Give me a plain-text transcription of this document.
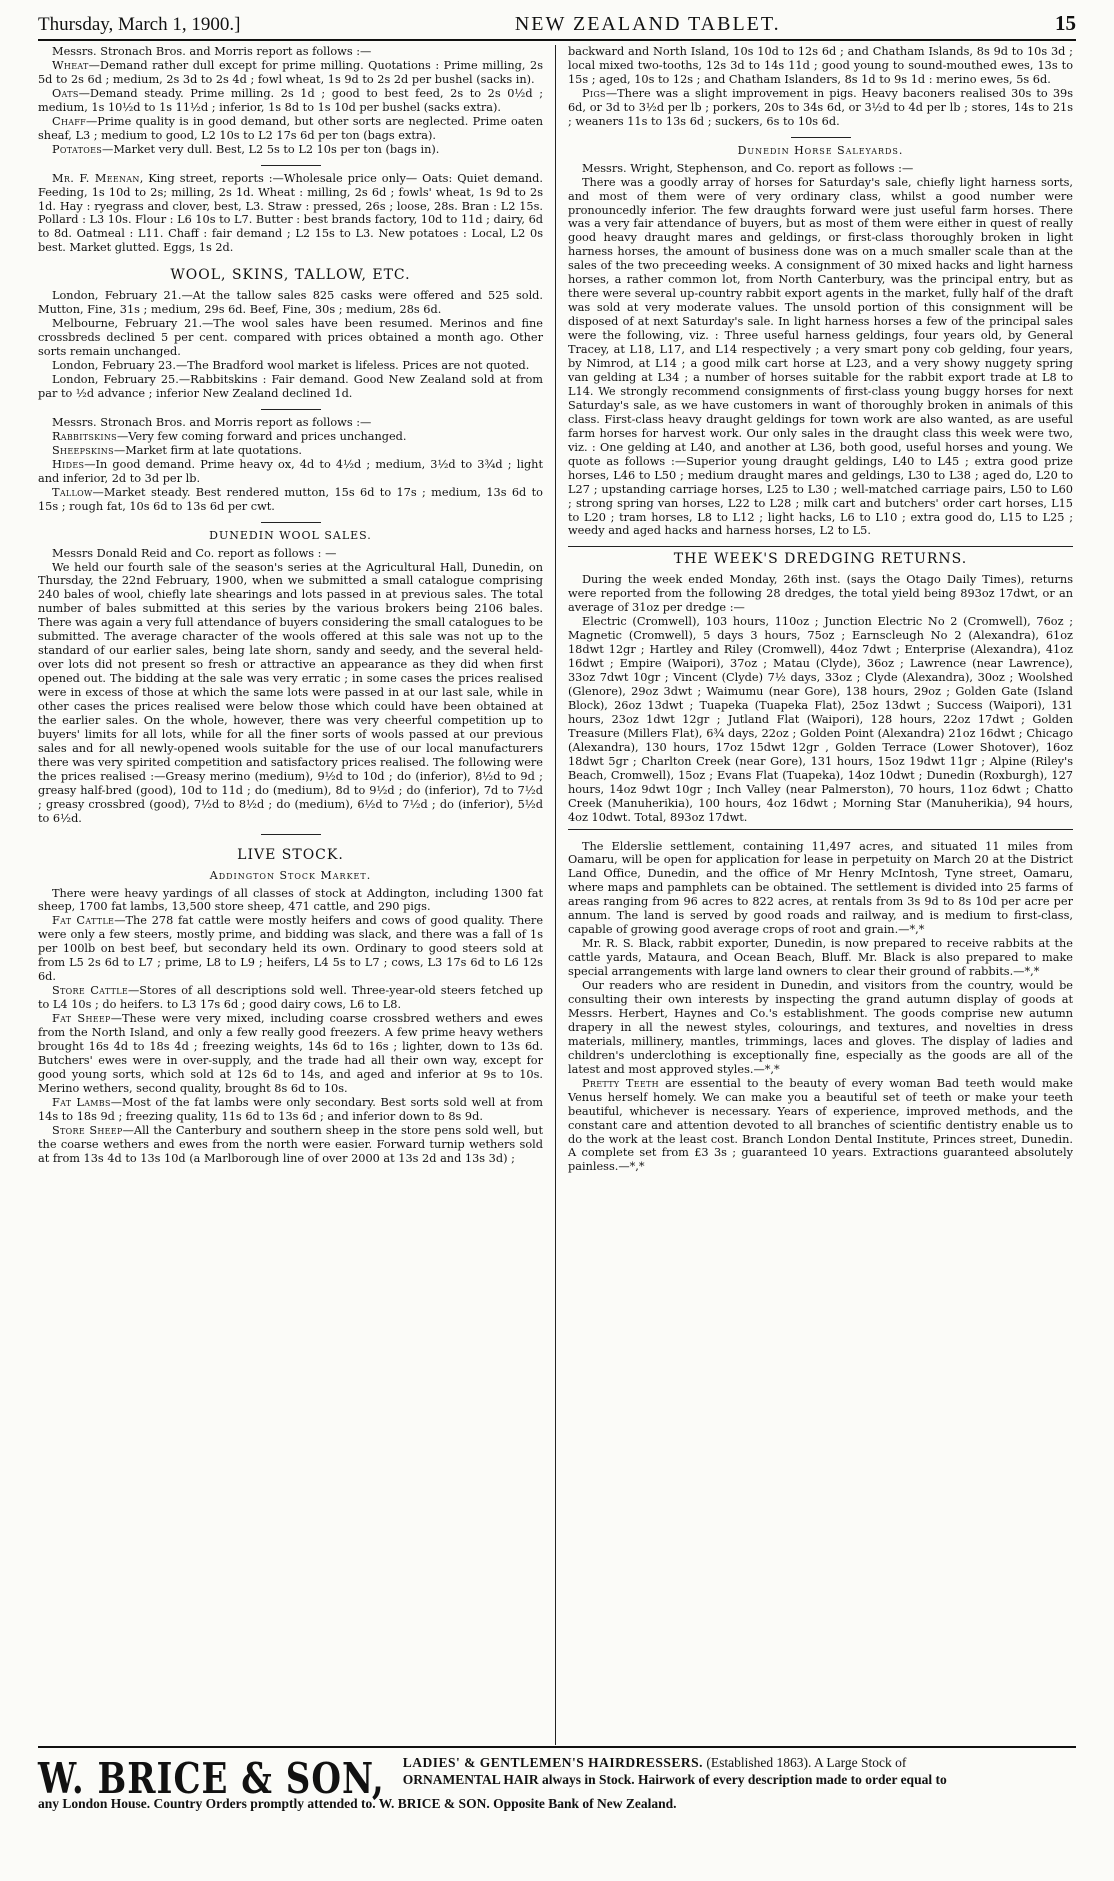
Thursday, March 1, 1900.]	NEW ZEALAND TABLET.	15

Messrs. Stronach Bros. and Morris report as follows :—

Wheat—Demand rather dull except for prime milling. Quotations : Prime milling, 2s 5d to 2s 6d ; medium, 2s 3d to 2s 4d ; fowl wheat, 1s 9d to 2s 2d per bushel (sacks in).

Oats—Demand steady. Prime milling. 2s 1d ; good to best feed, 2s to 2s 0½d ; medium, 1s 10½d to 1s 11½d ; inferior, 1s 8d to 1s 10d per bushel (sacks extra).

Chaff—Prime quality is in good demand, but other sorts are neglected. Prime oaten sheaf, L3 ; medium to good, L2 10s to L2 17s 6d per ton (bags extra).

Potatoes—Market very dull. Best, L2 5s to L2 10s per ton (bags in).

Mr. F. Meenan, King street, reports :—Wholesale price only— Oats: Quiet demand. Feeding, 1s 10d to 2s; milling, 2s 1d. Wheat : milling, 2s 6d ; fowls' wheat, 1s 9d to 2s 1d. Hay : ryegrass and clover, best, L3. Straw : pressed, 26s ; loose, 28s. Bran : L2 15s. Pollard : L3 10s. Flour : L6 10s to L7. Butter : best brands factory, 10d to 11d ; dairy, 6d to 8d. Oatmeal : L11. Chaff : fair demand ; L2 15s to L3. New potatoes : Local, L2 0s best. Market glutted. Eggs, 1s 2d.

WOOL, SKINS, TALLOW, ETC.

London, February 21.—At the tallow sales 825 casks were offered and 525 sold. Mutton, Fine, 31s ; medium, 29s 6d. Beef, Fine, 30s ; medium, 28s 6d.

Melbourne, February 21.—The wool sales have been resumed. Merinos and fine crossbreds declined 5 per cent. compared with prices obtained a month ago. Other sorts remain unchanged.

London, February 23.—The Bradford wool market is lifeless. Prices are not quoted.

London, February 25.—Rabbitskins : Fair demand. Good New Zealand sold at from par to ½d advance ; inferior New Zealand declined 1d.

Messrs. Stronach Bros. and Morris report as follows :—

Rabbitskins—Very few coming forward and prices unchanged.

Sheepskins—Market firm at late quotations.

Hides—In good demand. Prime heavy ox, 4d to 4½d ; medium, 3½d to 3¾d ; light and inferior, 2d to 3d per lb.

Tallow—Market steady. Best rendered mutton, 15s 6d to 17s ; medium, 13s 6d to 15s ; rough fat, 10s 6d to 13s 6d per cwt.

DUNEDIN WOOL SALES.

Messrs Donald Reid and Co. report as follows : —

We held our fourth sale of the season's series at the Agricultural Hall, Dunedin, on Thursday, the 22nd February, 1900, when we submitted a small catalogue comprising 240 bales of wool, chiefly late shearings and lots passed in at previous sales. The total number of bales submitted at this series by the various brokers being 2106 bales. There was again a very full attendance of buyers considering the small catalogues to be submitted. The average character of the wools offered at this sale was not up to the standard of our earlier sales, being late shorn, sandy and seedy, and the several held-over lots did not present so fresh or attractive an appearance as they did when first opened out. The bidding at the sale was very erratic ; in some cases the prices realised were in excess of those at which the same lots were passed in at our last sale, while in other cases the prices realised were below those which could have been obtained at the earlier sales. On the whole, however, there was very cheerful competition up to buyers' limits for all lots, while for all the finer sorts of wools passed at our previous sales and for all newly-opened wools suitable for the use of our local manufacturers there was very spirited competition and satisfactory prices realised. The following were the prices realised :—Greasy merino (medium), 9½d to 10d ; do (inferior), 8½d to 9d ; greasy half-bred (good), 10d to 11d ; do (medium), 8d to 9½d ; do (inferior), 7d to 7½d ; greasy crossbred (good), 7½d to 8½d ; do (medium), 6½d to 7½d ; do (inferior), 5½d to 6½d.

LIVE STOCK.
Addington Stock Market.

There were heavy yardings of all classes of stock at Addington, including 1300 fat sheep, 1700 fat lambs, 13,500 store sheep, 471 cattle, and 290 pigs.

Fat Cattle—The 278 fat cattle were mostly heifers and cows of good quality. There were only a few steers, mostly prime, and bidding was slack, and there was a fall of 1s per 100lb on best beef, but secondary held its own. Ordinary to good steers sold at from L5 2s 6d to L7 ; prime, L8 to L9 ; heifers, L4 5s to L7 ; cows, L3 17s 6d to L6 12s 6d.

Store Cattle—Stores of all descriptions sold well. Three-year-old steers fetched up to L4 10s ; do heifers. to L3 17s 6d ; good dairy cows, L6 to L8.

Fat Sheep—These were very mixed, including coarse crossbred wethers and ewes from the North Island, and only a few really good freezers. A few prime heavy wethers brought 16s 4d to 18s 4d ; freezing weights, 14s 6d to 16s ; lighter, down to 13s 6d. Butchers' ewes were in over-supply, and the trade had all their own way, except for good young sorts, which sold at 12s 6d to 14s, and aged and inferior at 9s to 10s. Merino wethers, second quality, brought 8s 6d to 10s.

Fat Lambs—Most of the fat lambs were only secondary. Best sorts sold well at from 14s to 18s 9d ; freezing quality, 11s 6d to 13s 6d ; and inferior down to 8s 9d.

Store Sheep—All the Canterbury and southern sheep in the store pens sold well, but the coarse wethers and ewes from the north were easier. Forward turnip wethers sold at from 13s 4d to 13s 10d (a Marlborough line of over 2000 at 13s 2d and 13s 3d) ;

backward and North Island, 10s 10d to 12s 6d ; and Chatham Islands, 8s 9d to 10s 3d ; local mixed two-tooths, 12s 3d to 14s 11d ; good young to sound-mouthed ewes, 13s to 15s ; aged, 10s to 12s ; and Chatham Islanders, 8s 1d to 9s 1d : merino ewes, 5s 6d.

Pigs—There was a slight improvement in pigs. Heavy baconers realised 30s to 39s 6d, or 3d to 3½d per lb ; porkers, 20s to 34s 6d, or 3½d to 4d per lb ; stores, 14s to 21s ; weaners 11s to 13s 6d ; suckers, 6s to 10s 6d.

Dunedin Horse Saleyards.

Messrs. Wright, Stephenson, and Co. report as follows :—

There was a goodly array of horses for Saturday's sale, chiefly light harness sorts, and most of them were of very ordinary class, whilst a good number were pronouncedly inferior. The few draughts forward were just useful farm horses. There was a very fair attendance of buyers, but as most of them were either in quest of really good heavy draught mares and geldings, or first-class thoroughly broken in light harness horses, the amount of business done was on a much smaller scale than at the sales of the two preceeding weeks. A consignment of 30 mixed hacks and light harness horses, a rather common lot, from North Canterbury, was the principal entry, but as there were several up-country rabbit export agents in the market, fully half of the draft was sold at very moderate values. The unsold portion of this consignment will be disposed of at next Saturday's sale. In light harness horses a few of the principal sales were the following, viz. : Three useful harness geldings, four years old, by General Tracey, at L18, L17, and L14 respectively ; a very smart pony cob gelding, four years, by Nimrod, at L14 ; a good milk cart horse at L23, and a very showy nuggety spring van gelding at L34 ; a number of horses suitable for the rabbit export trade at L8 to L14. We strongly recommend consignments of first-class young buggy horses for next Saturday's sale, as we have customers in want of thoroughly broken in animals of this class. First-class heavy draught geldings for town work are also wanted, as are useful farm horses for harvest work. Our only sales in the draught class this week were two, viz. : One gelding at L40, and another at L36, both good, useful horses and young. We quote as follows :—Superior young draught geldings, L40 to L45 ; extra good prize horses, L46 to L50 ; medium draught mares and geldings, L30 to L38 ; aged do, L20 to L27 ; upstanding carriage horses, L25 to L30 ; well-matched carriage pairs, L50 to L60 ; strong spring van horses, L22 to L28 ; milk cart and butchers' order cart horses, L15 to L20 ; tram horses, L8 to L12 ; light hacks, L6 to L10 ; extra good do, L15 to L25 ; weedy and aged hacks and harness horses, L2 to L5.

THE WEEK'S DREDGING RETURNS.

During the week ended Monday, 26th inst. (says the Otago Daily Times), returns were reported from the following 28 dredges, the total yield being 893oz 17dwt, or an average of 31oz per dredge :—

Electric (Cromwell), 103 hours, 110oz ; Junction Electric No 2 (Cromwell), 76oz ; Magnetic (Cromwell), 5 days 3 hours, 75oz ; Earnscleugh No 2 (Alexandra), 61oz 18dwt 12gr ; Hartley and Riley (Cromwell), 44oz 7dwt ; Enterprise (Alexandra), 41oz 16dwt ; Empire (Waipori), 37oz ; Matau (Clyde), 36oz ; Lawrence (near Lawrence), 33oz 7dwt 10gr ; Vincent (Clyde) 7½ days, 33oz ; Clyde (Alexandra), 30oz ; Woolshed (Glenore), 29oz 3dwt ; Waimumu (near Gore), 138 hours, 29oz ; Golden Gate (Island Block), 26oz 13dwt ; Tuapeka (Tuapeka Flat), 25oz 13dwt ; Success (Waipori), 131 hours, 23oz 1dwt 12gr ; Jutland Flat (Waipori), 128 hours, 22oz 17dwt ; Golden Treasure (Millers Flat), 6¾ days, 22oz ; Golden Point (Alexandra) 21oz 16dwt ; Chicago (Alexandra), 130 hours, 17oz 15dwt 12gr , Golden Terrace (Lower Shotover), 16oz 18dwt 5gr ; Charlton Creek (near Gore), 131 hours, 15oz 19dwt 11gr ; Alpine (Riley's Beach, Cromwell), 15oz ; Evans Flat (Tuapeka), 14oz 10dwt ; Dunedin (Roxburgh), 127 hours, 14oz 9dwt 10gr ; Inch Valley (near Palmerston), 70 hours, 11oz 6dwt ; Chatto Creek (Manuherikia), 100 hours, 4oz 16dwt ; Morning Star (Manuherikia), 94 hours, 4oz 10dwt. Total, 893oz 17dwt.

The Elderslie settlement, containing 11,497 acres, and situated 11 miles from Oamaru, will be open for application for lease in perpetuity on March 20 at the District Land Office, Dunedin, and the office of Mr Henry McIntosh, Tyne street, Oamaru, where maps and pamphlets can be obtained. The settlement is divided into 25 farms of areas ranging from 96 acres to 822 acres, at rentals from 3s 9d to 8s 10d per acre per annum. The land is served by good roads and railway, and is medium to first-class, capable of growing good average crops of root and grain.—*,*

Mr. R. S. Black, rabbit exporter, Dunedin, is now prepared to receive rabbits at the cattle yards, Mataura, and Ocean Beach, Bluff. Mr. Black is also prepared to make special arrangements with large land owners to clear their ground of rabbits.—*,*

Our readers who are resident in Dunedin, and visitors from the country, would be consulting their own interests by inspecting the grand autumn display of goods at Messrs. Herbert, Haynes and Co.'s establishment. The goods comprise new autumn drapery in all the newest styles, colourings, and textures, and novelties in dress materials, millinery, mantles, trimmings, laces and gloves. The display of ladies and children's underclothing is exceptionally fine, especially as the goods are all of the latest and most approved styles.—*,*

Pretty Teeth are essential to the beauty of every woman Bad teeth would make Venus herself homely. We can make you a beautiful set of teeth or make your teeth beautiful, whichever is necessary. Years of experience, improved methods, and the constant care and attention devoted to all branches of scientific dentistry enable us to do the work at the least cost. Branch London Dental Institute, Princes street, Dunedin. A complete set from £3 3s ; guaranteed 10 years. Extractions guaranteed absolutely painless.—*,*

W. BRICE & SON, LADIES' & GENTLEMEN'S HAIRDRESSERS. (Established 1863). A Large Stock of
ORNAMENTAL HAIR always in Stock. Hairwork of every description made to order equal to
any London House. Country Orders promptly attended to. W. BRICE & SON. Opposite Bank of New Zealand.
